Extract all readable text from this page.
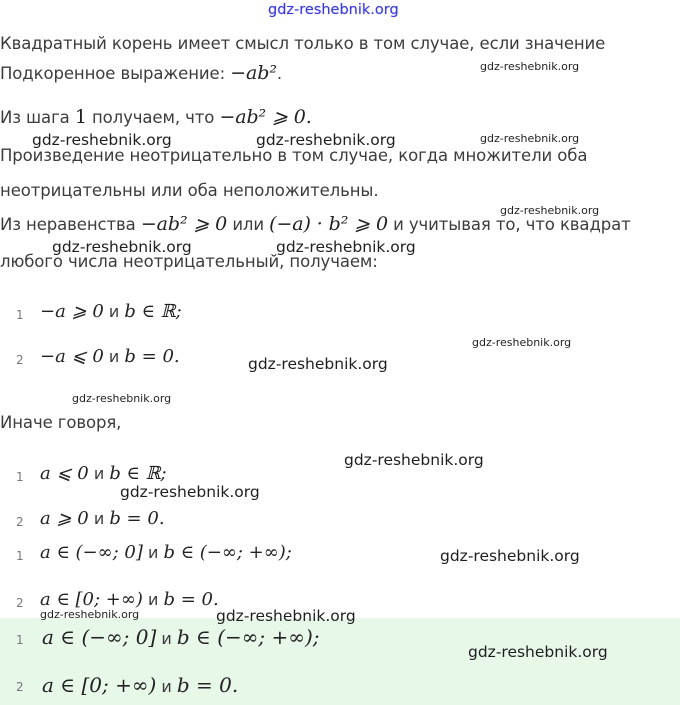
gdz-reshebnik.org
Квадратный корень имеет смысл только в том случае, если значение
Подкоренное выражение: −ab².
Из шага 1 получаем, что −ab² ⩾ 0.
Произведение неотрицательно в том случае, когда множители оба
неотрицательны или оба неположительны.
Из неравенства −ab² ⩾ 0 или (−a) · b² ⩾ 0 и учитывая то, что квадрат
любого числа неотрицательный, получаем:
1 −a ⩾ 0 и b ∈ ℝ;
2 −a ⩽ 0 и b = 0.
Иначе говоря,
1 a ⩽ 0 и b ∈ ℝ;
2 a ⩾ 0 и b = 0.
1 a ∈ (−∞; 0] и b ∈ (−∞; +∞);
2 a ∈ [0; +∞) и b = 0.
1 a ∈ (−∞; 0] и b ∈ (−∞; +∞);
2 a ∈ [0; +∞) и b = 0.
gdz-reshebnik.org
gdz-reshebnik.org	gdz-reshebnik.org	gdz-reshebnik.org
gdz-reshebnik.org
gdz-reshebnik.org	gdz-reshebnik.org
gdz-reshebnik.org
gdz-reshebnik.org
gdz-reshebnik.org
gdz-reshebnik.org
gdz-reshebnik.org
gdz-reshebnik.org
gdz-reshebnik.org	gdz-reshebnik.org
gdz-reshebnik.org
